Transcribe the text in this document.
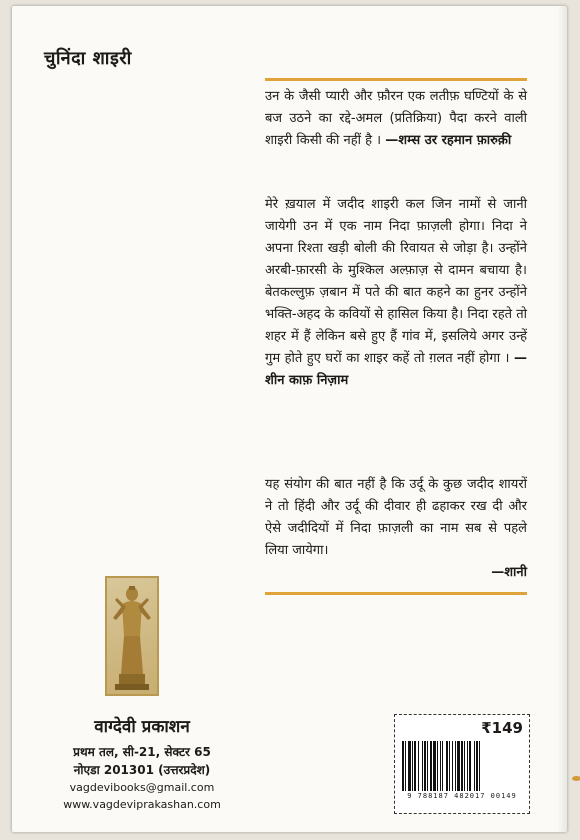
चुनिंदा शाइरी

उन के जैसी प्यारी और फ़ौरन एक लतीफ़ घण्टियों के से बज उठने का रद्दे-अमल (प्रतिक्रिया) पैदा करने वाली शाइरी किसी की नहीं है । —शम्स उर रहमान फ़ारुक़ी

मेरे ख़याल में जदीद शाइरी कल जिन नामों से जानी जायेगी उन में एक नाम निदा फ़ाज़ली होगा। निदा ने अपना रिश्ता खड़ी बोली की रिवायत से जोड़ा है। उन्होंने अरबी-फ़ारसी के मुश्किल अल्फ़ाज़ से दामन बचाया है। बेतकल्लुफ़ ज़बान में पते की बात कहने का हुनर उन्होंने भक्ति-अहद के कवियों से हासिल किया है। निदा रहते तो शहर में हैं लेकिन बसे हुए हैं गांव में, इसलिये अगर उन्हें गुम होते हुए घरों का शाइर कहें तो ग़लत नहीं होगा । —शीन काफ़ निज़ाम

यह संयोग की बात नहीं है कि उर्दू के कुछ जदीद शायरों ने तो हिंदी और उर्दू की दीवार ही ढहाकर रख दी और ऐसे जदीदियों में निदा फ़ाज़ली का नाम सब से पहले लिया जायेगा।

—शानी
वाग्देवी प्रकाशन
प्रथम तल, सी-21, सेक्टर 65
नोएडा 201301 (उत्तरप्रदेश)
vagdevibooks@gmail.com
www.vagdeviprakashan.com
₹149
9 788187 482017 00149
